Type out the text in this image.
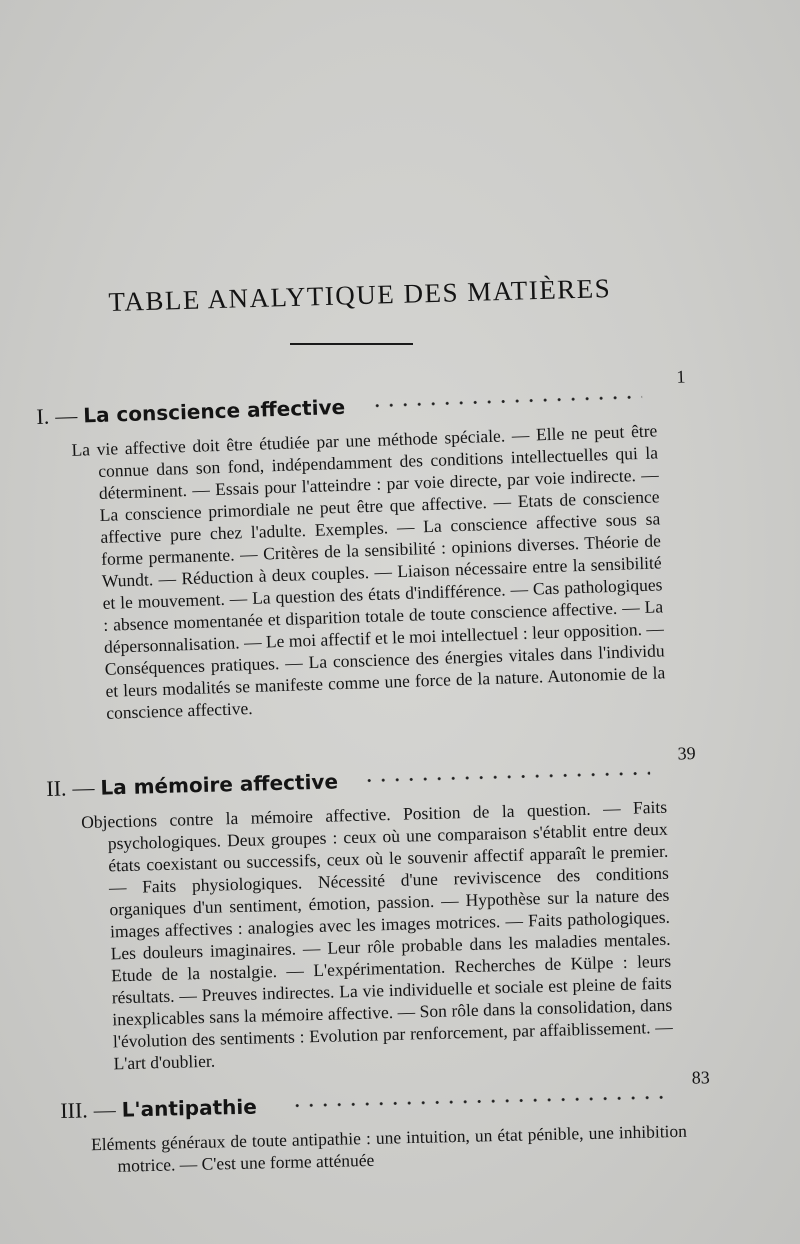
TABLE ANALYTIQUE DES MATIÈRES
I. — La conscience affective
1

La vie affective doit être étudiée par une méthode spéciale. — Elle ne peut être connue dans son fond, indépendamment des conditions intellectuelles qui la déterminent. — Essais pour l'atteindre : par voie directe, par voie indirecte. — La conscience primordiale ne peut être que affective. — Etats de conscience affective pure chez l'adulte. Exemples. — La conscience affective sous sa forme permanente. — Critères de la sensibilité : opinions diverses. Théorie de Wundt. — Réduction à deux couples. — Liaison nécessaire entre la sensibilité et le mouvement. — La question des états d'indifférence. — Cas pathologiques : absence momentanée et disparition totale de toute conscience affective. — La dépersonnalisation. — Le moi affectif et le moi intellectuel : leur opposition. — Conséquences pratiques. — La conscience des énergies vitales dans l'individu et leurs modalités se manifeste comme une force de la nature. Autonomie de la conscience affective.

II. — La mémoire affective
39

Objections contre la mémoire affective. Position de la question. — Faits psychologiques. Deux groupes : ceux où une comparaison s'établit entre deux états coexistant ou successifs, ceux où le souvenir affectif apparaît le premier. — Faits physiologiques. Nécessité d'une reviviscence des conditions organiques d'un sentiment, émotion, passion. — Hypothèse sur la nature des images affectives : analogies avec les images motrices. — Faits pathologiques. Les douleurs imaginaires. — Leur rôle probable dans les maladies mentales. Etude de la nostalgie. — L'expérimentation. Recherches de Külpe : leurs résultats. — Preuves indirectes. La vie individuelle et sociale est pleine de faits inexplicables sans la mémoire affective. — Son rôle dans la consolidation, dans l'évolution des sentiments : Evolution par renforcement, par affaiblissement. — L'art d'oublier.

III. — L'antipathie
83

Eléments généraux de toute antipathie : une intuition, un état pénible, une inhibition motrice. — C'est une forme atténuée
